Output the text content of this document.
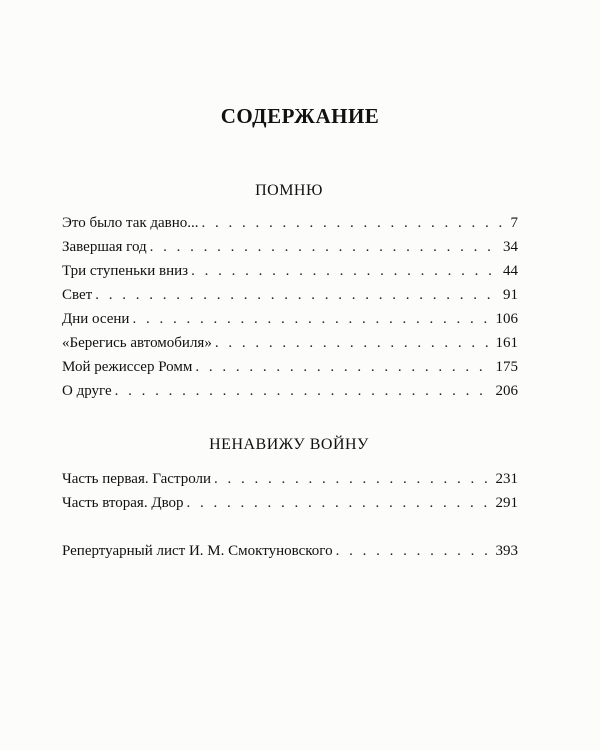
СОДЕРЖАНИЕ
ПОМНЮ
Это было так давно... . . .	7
Завершая год . . .	34
Три ступеньки вниз . . .	44
Свет . . .	91
Дни осени . . .	106
«Берегись автомобиля» . . .	161
Мой режиссер Ромм . . .	175
О друге . . .	206
НЕНАВИЖУ ВОЙНУ
Часть первая. Гастроли . . .	231
Часть вторая. Двор . . .	291
Репертуарный лист И. М. Смоктуновского . . .	393
